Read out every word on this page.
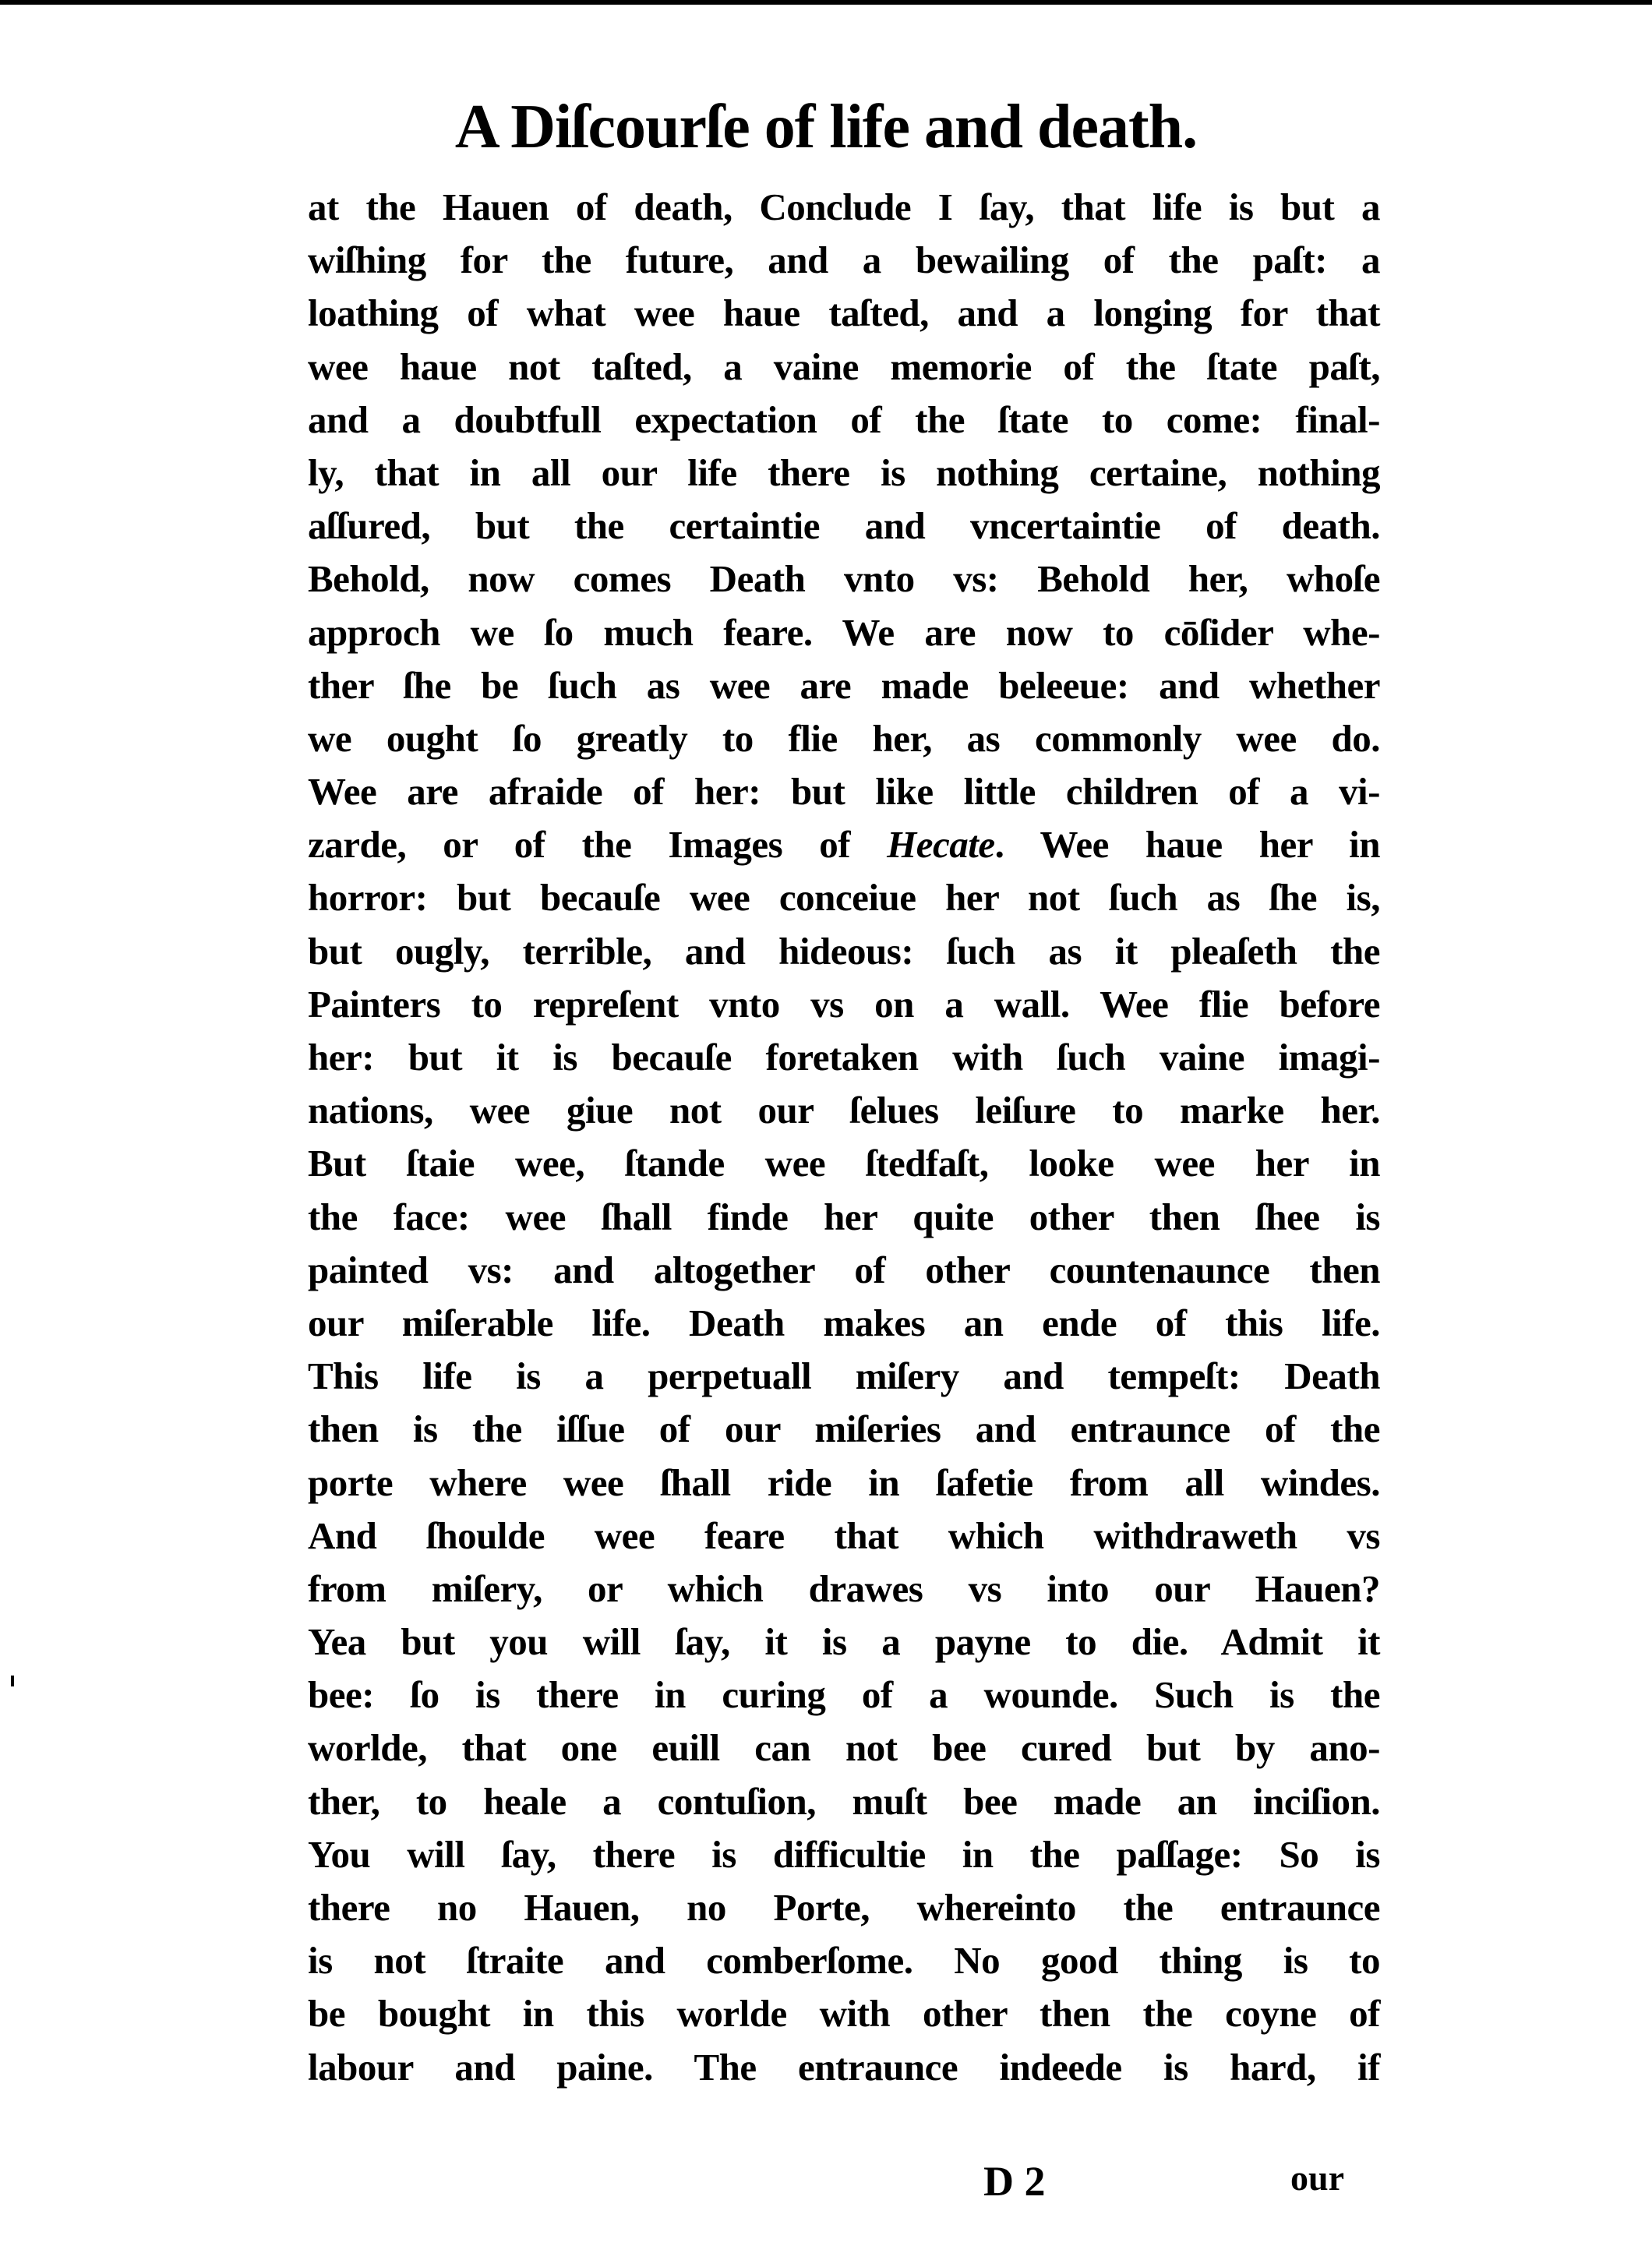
A Diſcourſe of life and death.
at the Hauen of death, Conclude I ſay, that life is but a
wiſhing for the future, and a bewailing of the paſt: a
loathing of what wee haue taſted, and a longing for that
wee haue not taſted, a vaine memorie of the ſtate paſt,
and a doubtfull expectation of the ſtate to come: final-
ly, that in all our life there is nothing certaine, nothing
aſſured, but the certaintie and vncertaintie of death.
Behold, now comes Death vnto vs: Behold her, whoſe
approch we ſo much feare. We are now to cōſider whe-
ther ſhe be ſuch as wee are made beleeue: and whether
we ought ſo greatly to flie her, as commonly wee do.
Wee are afraide of her: but like little children of a vi-
zarde, or of the Images of Hecate. Wee haue her in
horror: but becauſe wee conceiue her not ſuch as ſhe is,
but ougly, terrible, and hideous: ſuch as it pleaſeth the
Painters to repreſent vnto vs on a wall. Wee flie before
her: but it is becauſe foretaken with ſuch vaine imagi-
nations, wee giue not our ſelues leiſure to marke her.
But ſtaie wee, ſtande wee ſtedfaſt, looke wee her in
the face: wee ſhall finde her quite other then ſhee is
painted vs: and altogether of other countenaunce then
our miſerable life. Death makes an ende of this life.
This life is a perpetuall miſery and tempeſt: Death
then is the iſſue of our miſeries and entraunce of the
porte where wee ſhall ride in ſafetie from all windes.
And ſhoulde wee feare that which withdraweth vs
from miſery, or which drawes vs into our Hauen?
Yea but you will ſay, it is a payne to die. Admit it
bee: ſo is there in curing of a wounde. Such is the
worlde, that one euill can not bee cured but by ano-
ther, to heale a contuſion, muſt bee made an inciſion.
You will ſay, there is difficultie in the paſſage: So is
there no Hauen, no Porte, whereinto the entraunce
is not ſtraite and comberſome. No good thing is to
be bought in this worlde with other then the coyne of
labour and paine. The entraunce indeede is hard, if
D 2	our
